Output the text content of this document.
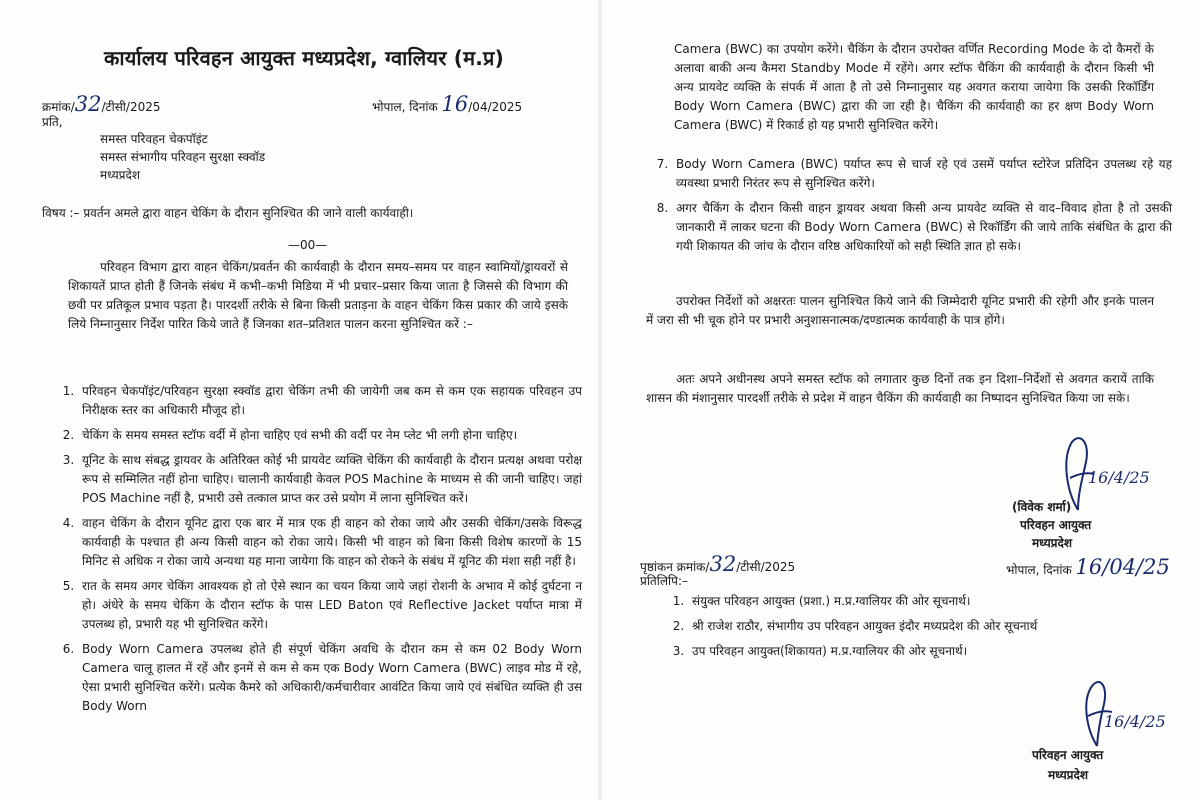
कार्यालय परिवहन आयुक्त मध्यप्रदेश, ग्वालियर (म.प्र)
क्रमांक/32/टीसी/2025	भोपाल, दिनांक 16/04/2025
प्रति,
समस्त परिवहन चेकपॉइंट
समस्त संभागीय परिवहन सुरक्षा स्क्वॉड
मध्यप्रदेश
विषय :– प्रवर्तन अमले द्वारा वाहन चेकिंग के दौरान सुनिश्चित की जाने वाली कार्यवाही।
—00—
परिवहन विभाग द्वारा वाहन चेकिंग/प्रवर्तन की कार्यवाही के दौरान समय–समय पर वाहन स्वामियों/ड्रायवरों से शिकायतें प्राप्त होती हैं जिनके संबंध में कभी–कभी मिडिया में भी प्रचार–प्रसार किया जाता है जिससे की विभाग की छवी पर प्रतिकूल प्रभाव पड़ता है। पारदर्शी तरीके से बिना किसी प्रताड़ना के वाहन चेकिंग किस प्रकार की जाये इसके लिये निम्नानुसार निर्देश पारित किये जाते हैं जिनका शत–प्रतिशत पालन करना सुनिश्चित करें :–
1. परिवहन चेकपॉइंट/परिवहन सुरक्षा स्क्वॉड द्वारा चेकिंग तभी की जायेगी जब कम से कम एक सहायक परिवहन उप निरीक्षक स्तर का अधिकारी मौजूद हो।
2. चेकिंग के समय समस्त स्टॉफ वर्दी में होना चाहिए एवं सभी की वर्दी पर नेम प्लेट भी लगी होना चाहिए।
3. यूनिट के साथ संबद्ध ड्रायवर के अतिरिक्त कोई भी प्रायवेट व्यक्ति चेकिंग की कार्यवाही के दौरान प्रत्यक्ष अथवा परोक्ष रूप से सम्मिलित नहीं होना चाहिए। चालानी कार्यवाही केवल POS Machine के माध्यम से की जानी चाहिए। जहां POS Machine नहीं है, प्रभारी उसे तत्काल प्राप्त कर उसे प्रयोग में लाना सुनिश्चित करें।
4. वाहन चेकिंग के दौरान यूनिट द्वारा एक बार में मात्र एक ही वाहन को रोका जाये और उसकी चेकिंग/उसके विरूद्ध कार्यवाही के पश्चात ही अन्य किसी वाहन को रोका जाये। किसी भी वाहन को बिना किसी विशेष कारणों के 15 मिनिट से अधिक न रोका जाये अन्यथा यह माना जायेगा कि वाहन को रोकने के संबंध में यूनिट की मंशा सही नहीं है।
5. रात के समय अगर चेकिंग आवश्यक हो तो ऐसे स्थान का चयन किया जाये जहां रोशनी के अभाव में कोई दुर्घटना न हो। अंधेरे के समय चेकिंग के दौरान स्टॉफ के पास LED Baton एवं Reflective Jacket पर्याप्त मात्रा में उपलब्ध हो, प्रभारी यह भी सुनिश्चित करेंगे।
6. Body Worn Camera उपलब्ध होते ही संपूर्ण चेकिंग अवधि के दौरान कम से कम 02 Body Worn Camera चालू हालत में रहें और इनमें से कम से कम एक Body Worn Camera (BWC) लाइव मोड में रहे, ऐसा प्रभारी सुनिश्चित करेंगे। प्रत्येक कैमरे को अधिकारी/कर्मचारीवार आवंटित किया जाये एवं संबंधित व्यक्ति ही उस Body Worn
Camera (BWC) का उपयोग करेंगे। चैकिंग के दौरान उपरोक्त वर्णित Recording Mode के दो कैमरों के अलावा बाकी अन्य कैमरा Standby Mode में रहेंगे। अगर स्टॉफ चैकिंग की कार्यवाही के दौरान किसी भी अन्य प्रायवेट व्यक्ति के संपर्क में आता है तो उसे निम्नानुसार यह अवगत कराया जायेगा कि उसकी रिकॉर्डिंग Body Worn Camera (BWC) द्वारा की जा रही है। चैकिंग की कार्यवाही का हर क्षण Body Worn Camera (BWC) में रिकार्ड हो यह प्रभारी सुनिश्चित करेंगे।
7. Body Worn Camera (BWC) पर्याप्त रूप से चार्ज रहे एवं उसमें पर्याप्त स्टोरेज प्रतिदिन उपलब्ध रहे यह व्यवस्था प्रभारी निरंतर रूप से सुनिश्चित करेंगे।
8. अगर चैकिंग के दौरान किसी वाहन ड्रायवर अथवा किसी अन्य प्रायवेट व्यक्ति से वाद–विवाद होता है तो उसकी जानकारी में लाकर घटना की Body Worn Camera (BWC) से रिकॉर्डिंग की जाये ताकि संबंधित के द्वारा की गयी शिकायत की जांच के दौरान वरिष्ठ अधिकारियों को सही स्थिति ज्ञात हो सके।
उपरोक्त निर्देशों को अक्षरतः पालन सुनिश्चित किये जाने की जिम्मेदारी यूनिट प्रभारी की रहेगी और इनके पालन में जरा सी भी चूक होने पर प्रभारी अनुशासनात्मक/दण्डात्मक कार्यवाही के पात्र होंगे।
अतः अपने अधीनस्थ अपने समस्त स्टॉफ को लगातार कुछ दिनों तक इन दिशा–निर्देशों से अवगत करायें ताकि शासन की मंशानुसार पारदर्शी तरीके से प्रदेश में वाहन चैकिंग की कार्यवाही का निष्पादन सुनिश्चित किया जा सके।
16/4/25
(विवेक शर्मा)
परिवहन आयुक्त
मध्यप्रदेश
पृष्ठांकन क्रमांक/32/टीसी/2025	भोपाल, दिनांक 16/04/25
प्रतिलिपि:–
1. संयुक्त परिवहन आयुक्त (प्रशा.) म.प्र.ग्वालियर की ओर सूचनार्थ।
2. श्री राजेश राठौर, संभागीय उप परिवहन आयुक्त इंदौर मध्यप्रदेश की ओर सूचनार्थ
3. उप परिवहन आयुक्त(शिकायत) म.प्र.ग्वालियर की ओर सूचनार्थ।
16/4/25
परिवहन आयुक्त
मध्यप्रदेश
